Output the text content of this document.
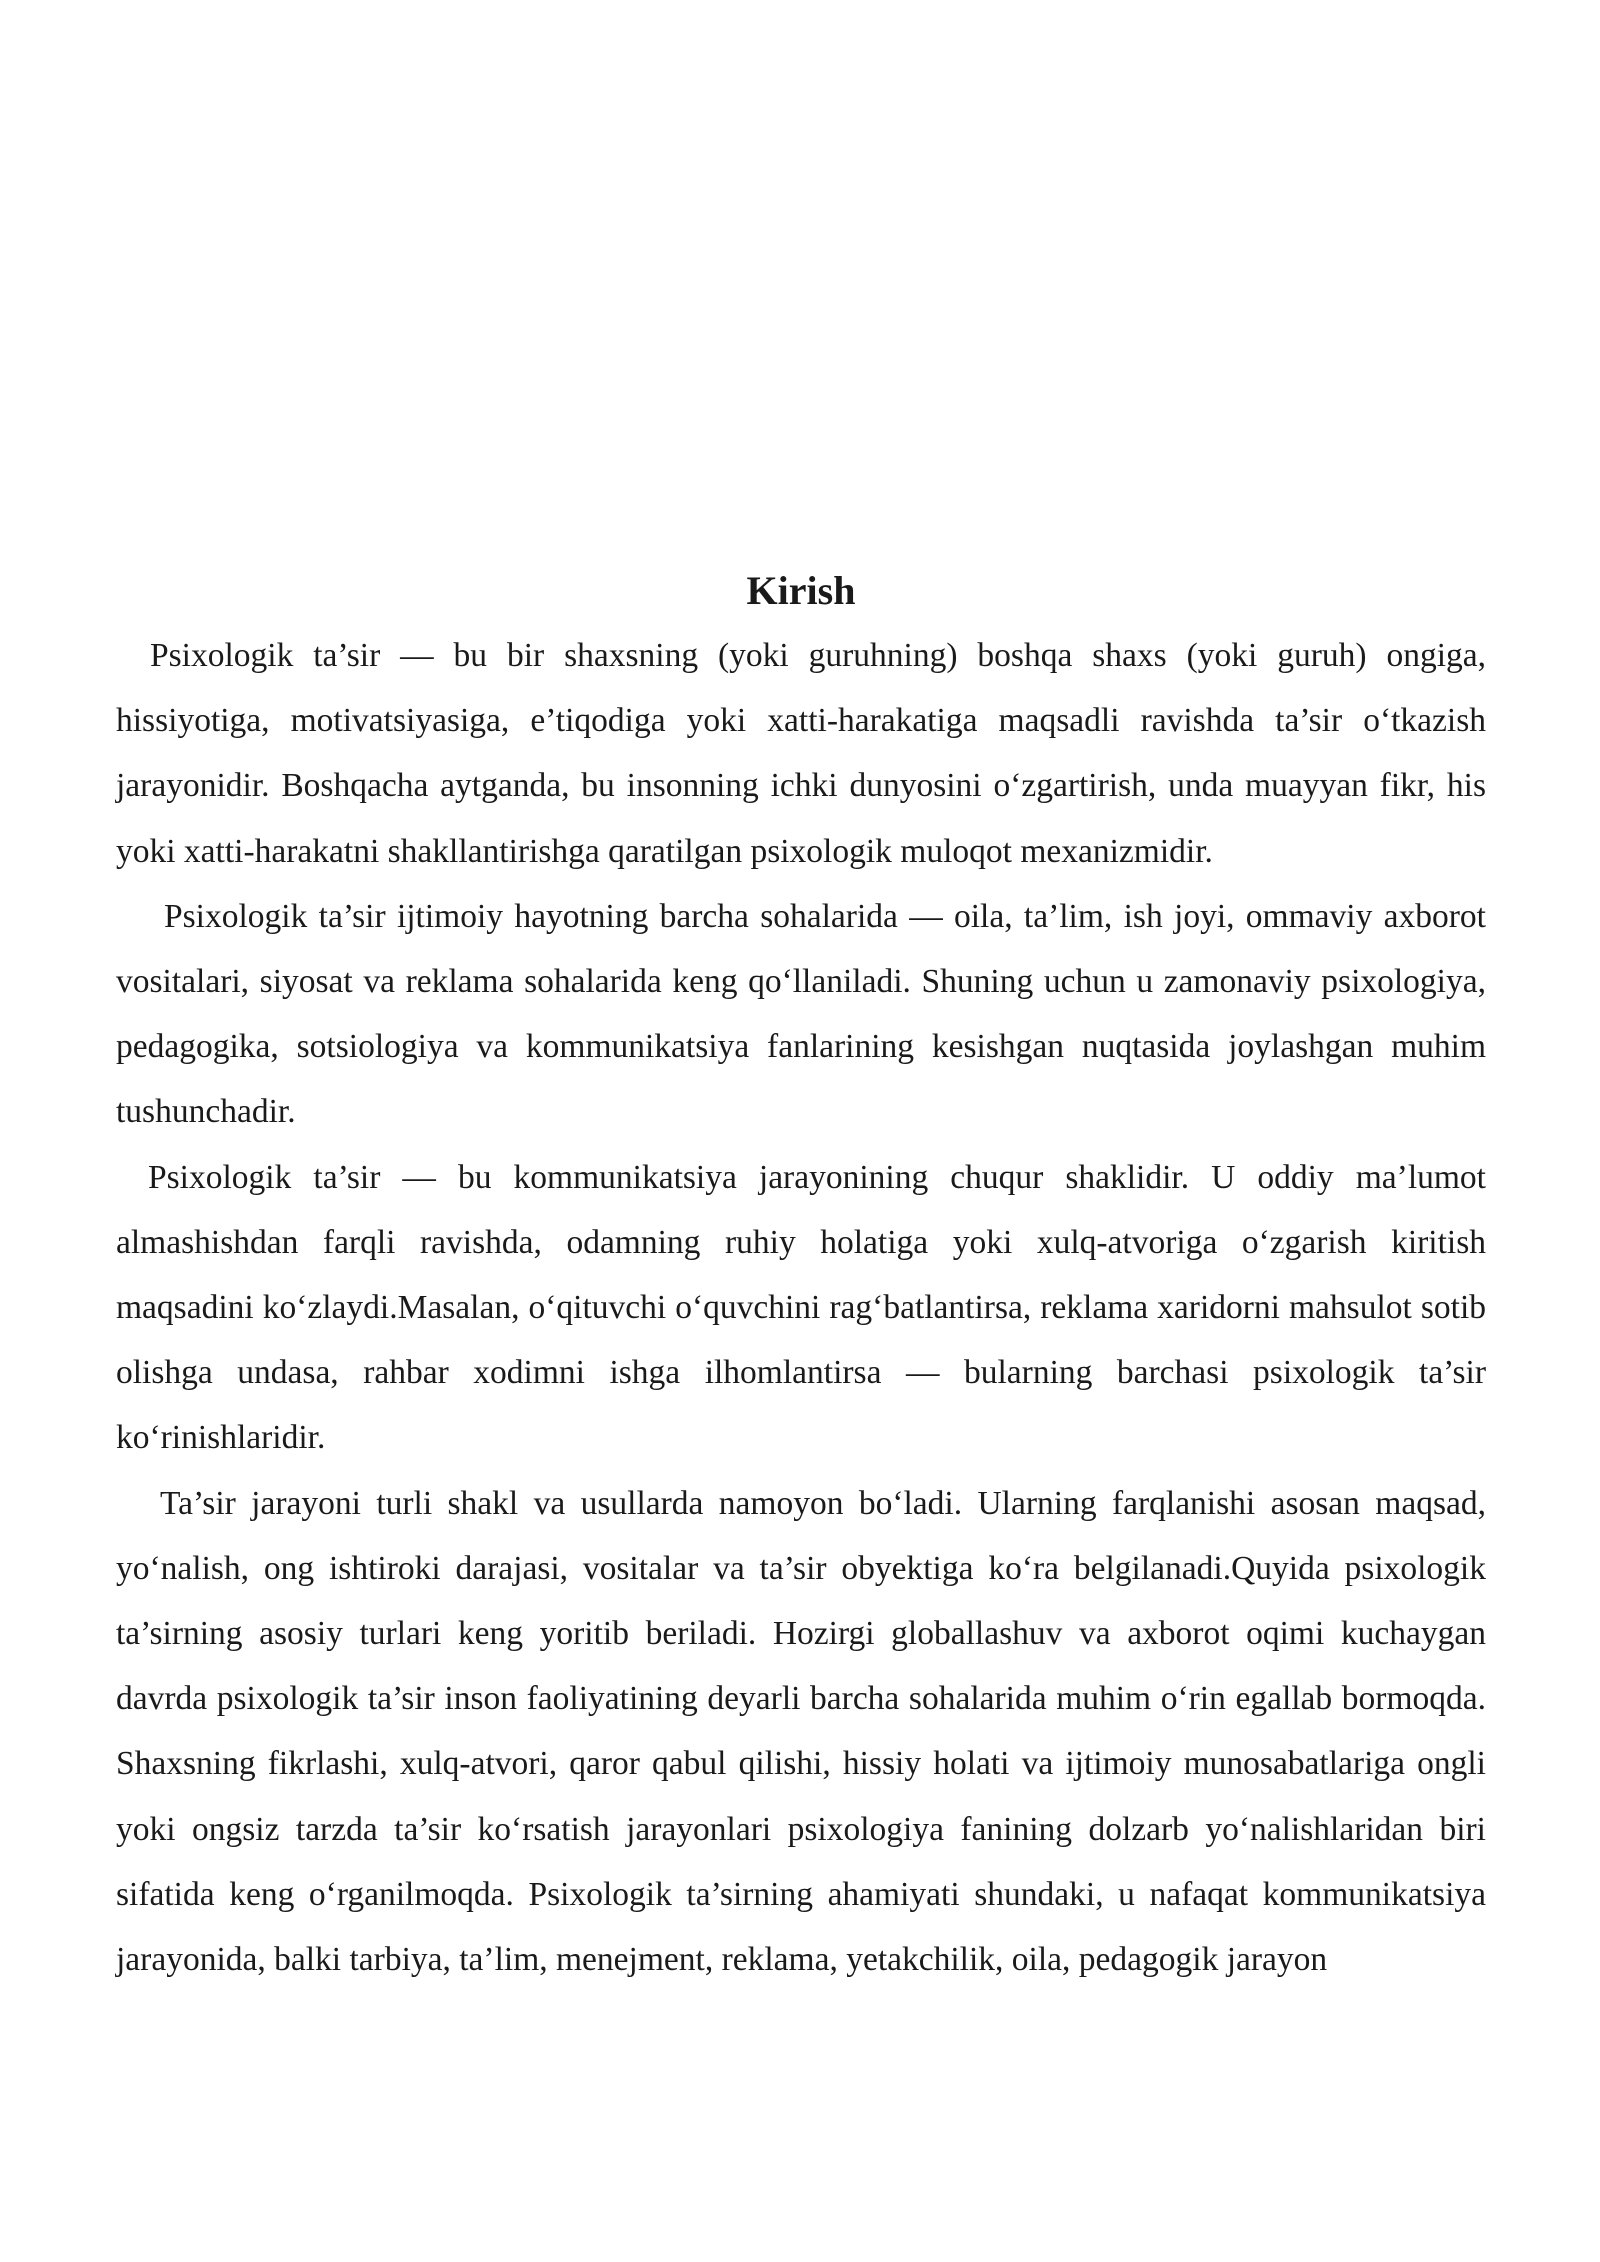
Kirish

Psixologik ta’sir — bu bir shaxsning (yoki guruhning) boshqa shaxs (yoki guruh) ongiga, hissiyotiga, motivatsiyasiga, e’tiqodiga yoki xatti-harakatiga maqsadli ravishda ta’sir o‘tkazish jarayonidir. Boshqacha aytganda, bu insonning ichki dunyosini o‘zgartirish, unda muayyan fikr, his yoki xatti-harakatni shakllantirishga qaratilgan psixologik muloqot mexanizmidir.

Psixologik ta’sir ijtimoiy hayotning barcha sohalarida — oila, ta’lim, ish joyi, ommaviy axborot vositalari, siyosat va reklama sohalarida keng qo‘llaniladi. Shuning uchun u zamonaviy psixologiya, pedagogika, sotsiologiya va kommunikatsiya fanlarining kesishgan nuqtasida joylashgan muhim tushunchadir.

Psixologik ta’sir — bu kommunikatsiya jarayonining chuqur shaklidir. U oddiy ma’lumot almashishdan farqli ravishda, odamning ruhiy holatiga yoki xulq-atvoriga o‘zgarish kiritish maqsadini ko‘zlaydi.Masalan, o‘qituvchi o‘quvchini rag‘batlantirsa, reklama xaridorni mahsulot sotib olishga undasa, rahbar xodimni ishga ilhomlantirsa — bularning barchasi psixologik ta’sir ko‘rinishlaridir.

Ta’sir jarayoni turli shakl va usullarda namoyon bo‘ladi. Ularning farqlanishi asosan maqsad, yo‘nalish, ong ishtiroki darajasi, vositalar va ta’sir obyektiga ko‘ra belgilanadi.Quyida psixologik ta’sirning asosiy turlari keng yoritib beriladi. Hozirgi globallashuv va axborot oqimi kuchaygan davrda psixologik ta’sir inson faoliyatining deyarli barcha sohalarida muhim o‘rin egallab bormoqda. Shaxsning fikrlashi, xulq-atvori, qaror qabul qilishi, hissiy holati va ijtimoiy munosabatlariga ongli yoki ongsiz tarzda ta’sir ko‘rsatish jarayonlari psixologiya fanining dolzarb yo‘nalishlaridan biri sifatida keng o‘rganilmoqda. Psixologik ta’sirning ahamiyati shundaki, u nafaqat kommunikatsiya jarayonida, balki tarbiya, ta’lim, menejment, reklama, yetakchilik, oila, pedagogik jarayon
